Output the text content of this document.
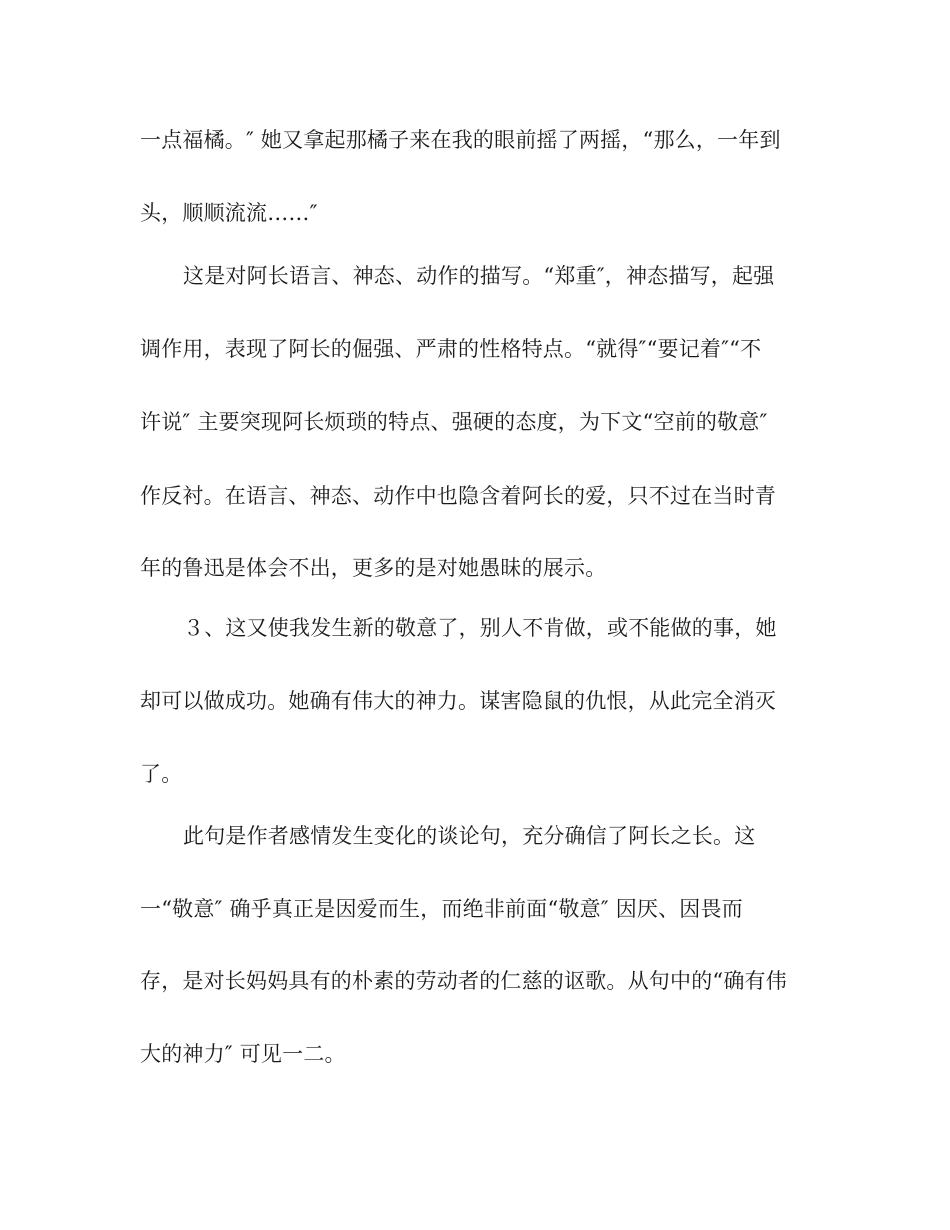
一点福橘。″ 她又拿起那橘子来在我的眼前摇了两摇，“那么，一年到
头，顺顺流流……″
这是对阿长语言、神态、动作的描写。“郑重″，神态描写，起强
调作用，表现了阿长的倔强、严肃的性格特点。“就得″“要记着″“不
许说″ 主要突现阿长烦琐的特点、强硬的态度，为下文“空前的敬意″
作反衬。在语言、神态、动作中也隐含着阿长的爱，只不过在当时青
年的鲁迅是体会不出，更多的是对她愚昧的展示。
３、这又使我发生新的敬意了，别人不肯做，或不能做的事，她
却可以做成功。她确有伟大的神力。谋害隐鼠的仇恨，从此完全消灭
了。
此句是作者感情发生变化的谈论句，充分确信了阿长之长。这
一“敬意″ 确乎真正是因爱而生，而绝非前面“敬意″ 因厌、因畏而
存，是对长妈妈具有的朴素的劳动者的仁慈的讴歌。从句中的“确有伟
大的神力″ 可见一二。
